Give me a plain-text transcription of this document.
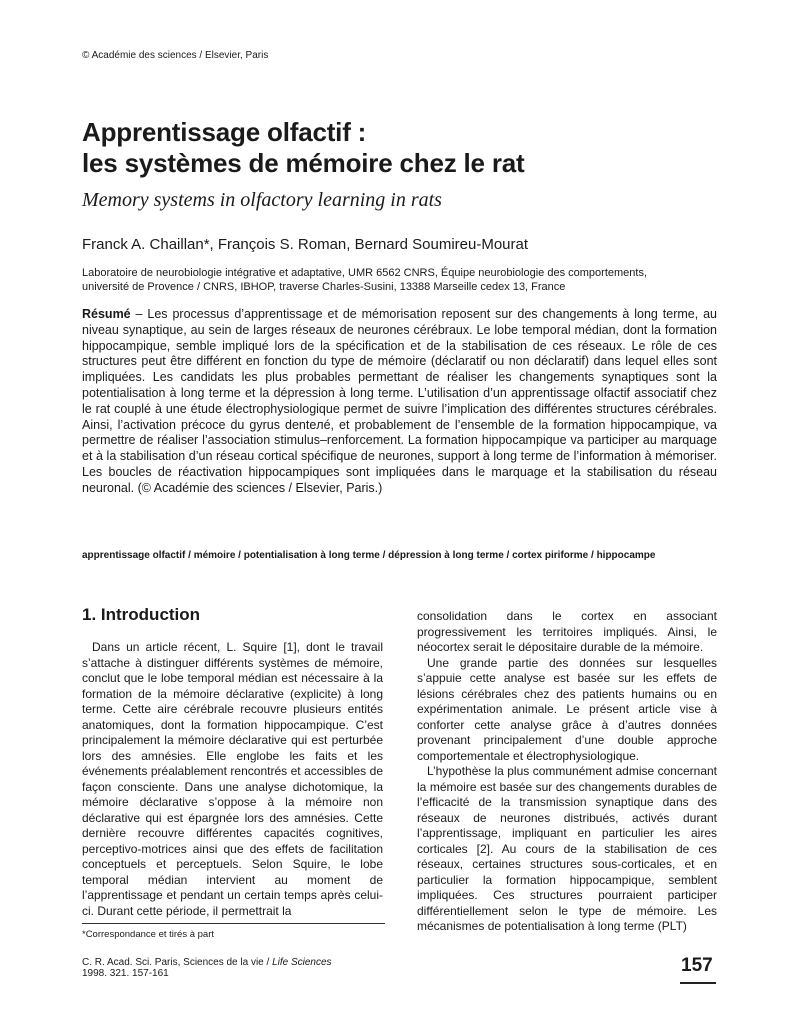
© Académie des sciences / Elsevier, Paris
Apprentissage olfactif :
les systèmes de mémoire chez le rat
Memory systems in olfactory learning in rats
Franck A. Chaillan*, François S. Roman, Bernard Soumireu-Mourat
Laboratoire de neurobiologie intégrative et adaptative, UMR 6562 CNRS, Équipe neurobiologie des comportements,
université de Provence / CNRS, IBHOP, traverse Charles-Susini, 13388 Marseille cedex 13, France
Résumé – Les processus d’apprentissage et de mémorisation reposent sur des changements à long terme, au niveau synaptique, au sein de larges réseaux de neurones cérébraux. Le lobe temporal médian, dont la formation hippocampique, semble impliqué lors de la spécification et de la stabilisation de ces réseaux. Le rôle de ces structures peut être différent en fonction du type de mémoire (déclaratif ou non déclaratif) dans lequel elles sont impliquées. Les candidats les plus probables permettant de réaliser les changements synaptiques sont la potentialisation à long terme et la dépression à long terme. L’utilisation d’un apprentissage olfactif associatif chez le rat couplé à une étude électrophysiologique permet de suivre l’implication des différentes structures cérébrales. Ainsi, l’activation précoce du gyrus denteлé, et probablement de l’ensemble de la formation hippocampique, va permettre de réaliser l’association stimulus–renforcement. La formation hippocampique va participer au marquage et à la stabilisation d’un réseau cortical spécifique de neurones, support à long terme de l’information à mémoriser. Les boucles de réactivation hippocampiques sont impliquées dans le marquage et la stabilisation du réseau neuronal. (© Académie des sciences / Elsevier, Paris.)
apprentissage olfactif / mémoire / potentialisation à long terme / dépression à long terme / cortex piriforme / hippocampe
1. Introduction

Dans un article récent, L. Squire [1], dont le travail s’attache à distinguer différents systèmes de mémoire, conclut que le lobe temporal médian est nécessaire à la formation de la mémoire déclarative (explicite) à long terme. Cette aire cérébrale recouvre plusieurs entités anatomiques, dont la formation hippocampique. C’est principalement la mémoire déclarative qui est perturbée lors des amnésies. Elle englobe les faits et les événements préalablement rencontrés et accessibles de façon consciente. Dans une analyse dichotomique, la mémoire déclarative s’oppose à la mémoire non déclarative qui est épargnée lors des amnésies. Cette dernière recouvre différentes capacités cognitives, perceptivo-motrices ainsi que des effets de facilitation conceptuels et perceptuels. Selon Squire, le lobe temporal médian intervient au moment de l’apprentissage et pendant un certain temps après celui-ci. Durant cette période, il permettrait la

consolidation dans le cortex en associant progressivement les territoires impliqués. Ainsi, le néocortex serait le dépositaire durable de la mémoire.

Une grande partie des données sur lesquelles s’appuie cette analyse est basée sur les effets de lésions cérébrales chez des patients humains ou en expérimentation animale. Le présent article vise à conforter cette analyse grâce à d’autres données provenant principalement d’une double approche comportementale et électrophysiologique.

L’hypothèse la plus communément admise concernant la mémoire est basée sur des changements durables de l’efficacité de la transmission synaptique dans des réseaux de neurones distribués, activés durant l’apprentissage, impliquant en particulier les aires corticales [2]. Au cours de la stabilisation de ces réseaux, certaines structures sous-corticales, et en particulier la formation hippocampique, semblent impliquées. Ces structures pourraient participer différentiellement selon le type de mémoire. Les mécanismes de potentialisation à long terme (PLT)

*Correspondance et tirés à part
C. R. Acad. Sci. Paris, Sciences de la vie / Life Sciences
1998. 321. 157-161	157
